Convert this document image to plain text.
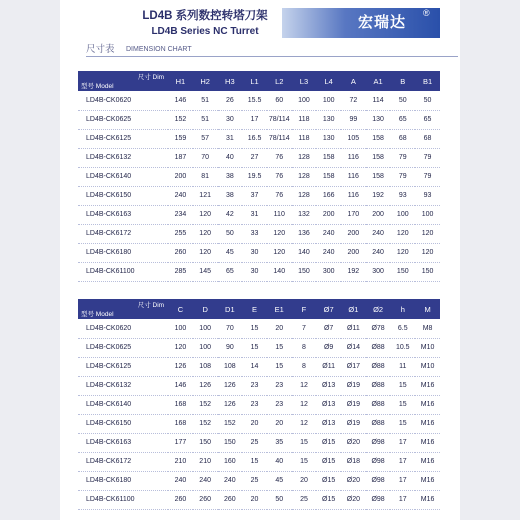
宏瑞达
®
LD4B 系列数控转塔刀架
LD4B Series NC Turret
尺寸表 DIMENSION CHART
尺寸 Dim
型号 Model	H1	H2	H3	L1	L2	L3	L4	A	A1	B	B1
LD4B-CK0620	146	51	26	15.5	60	100	100	72	114	50	50
LD4B-CK0625	152	51	30	17	78/114	118	130	99	130	65	65
LD4B-CK6125	159	57	31	16.5	78/114	118	130	105	158	68	68
LD4B-CK6132	187	70	40	27	76	128	158	116	158	79	79
LD4B-CK6140	200	81	38	19.5	76	128	158	116	158	79	79
LD4B-CK6150	240	121	38	37	76	128	166	116	192	93	93
LD4B-CK6163	234	120	42	31	110	132	200	170	200	100	100
LD4B-CK6172	255	120	50	33	120	136	240	200	240	120	120
LD4B-CK6180	260	120	45	30	120	140	240	200	240	120	120
LD4B-CK61100	285	145	65	30	140	150	300	192	300	150	150
尺寸 Dim
型号 Model	C	D	D1	E	E1	F	Ø7	Ø1	Ø2	h	M
LD4B-CK0620	100	100	70	15	20	7	Ø7	Ø11	Ø78	6.5	M8
LD4B-CK0625	120	100	90	15	15	8	Ø9	Ø14	Ø88	10.5	M10
LD4B-CK6125	126	108	108	14	15	8	Ø11	Ø17	Ø88	11	M10
LD4B-CK6132	146	126	126	23	23	12	Ø13	Ø19	Ø88	15	M16
LD4B-CK6140	168	152	126	23	23	12	Ø13	Ø19	Ø88	15	M16
LD4B-CK6150	168	152	152	20	20	12	Ø13	Ø19	Ø88	15	M16
LD4B-CK6163	177	150	150	25	35	15	Ø15	Ø20	Ø98	17	M16
LD4B-CK6172	210	210	160	15	40	15	Ø15	Ø18	Ø98	17	M16
LD4B-CK6180	240	240	240	25	45	20	Ø15	Ø20	Ø98	17	M16
LD4B-CK61100	260	260	260	20	50	25	Ø15	Ø20	Ø98	17	M16
